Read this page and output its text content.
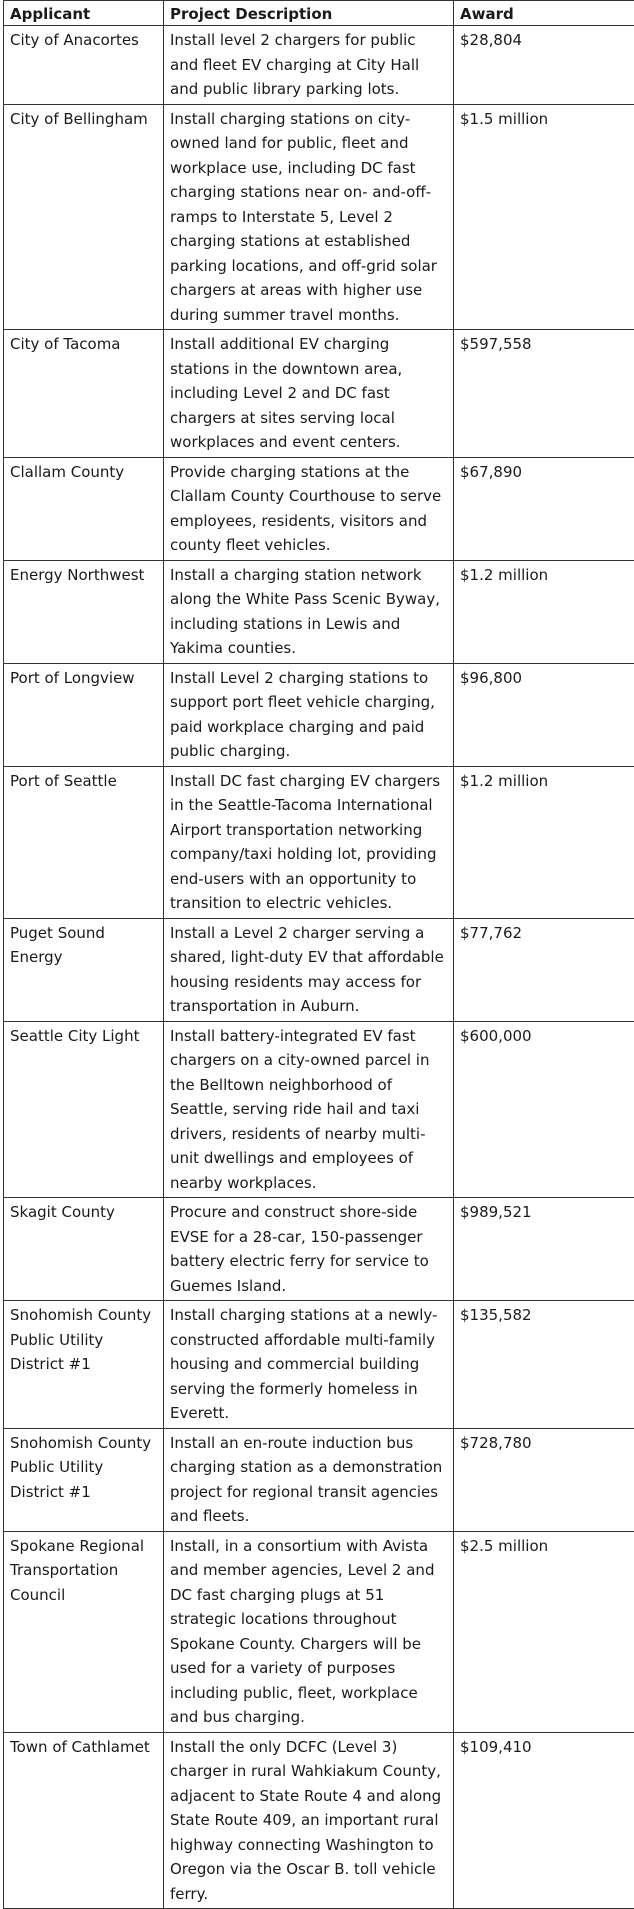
Applicant	Project Description	Award
City of Anacortes	Install level 2 chargers for public and fleet EV charging at City Hall and public library parking lots.	$28,804
City of Bellingham	Install charging stations on city-owned land for public, fleet and workplace use, including DC fast charging stations near on- and-off-ramps to Interstate 5, Level 2 charging stations at established parking locations, and off-grid solar chargers at areas with higher use during summer travel months.	$1.5 million
City of Tacoma	Install additional EV charging stations in the downtown area, including Level 2 and DC fast chargers at sites serving local workplaces and event centers.	$597,558
Clallam County	Provide charging stations at the Clallam County Courthouse to serve employees, residents, visitors and county fleet vehicles.	$67,890
Energy Northwest	Install a charging station network along the White Pass Scenic Byway, including stations in Lewis and Yakima counties.	$1.2 million
Port of Longview	Install Level 2 charging stations to support port fleet vehicle charging, paid workplace charging and paid public charging.	$96,800
Port of Seattle	Install DC fast charging EV chargers in the Seattle-Tacoma International Airport transportation networking company/taxi holding lot, providing end-users with an opportunity to transition to electric vehicles.	$1.2 million
Puget Sound Energy	Install a Level 2 charger serving a shared, light-duty EV that affordable housing residents may access for transportation in Auburn.	$77,762
Seattle City Light	Install battery-integrated EV fast chargers on a city-owned parcel in the Belltown neighborhood of Seattle, serving ride hail and taxi drivers, residents of nearby multi-unit dwellings and employees of nearby workplaces.	$600,000
Skagit County	Procure and construct shore-side EVSE for a 28-car, 150-passenger battery electric ferry for service to Guemes Island.	$989,521
Snohomish County Public Utility District #1	Install charging stations at a newly-constructed affordable multi-family housing and commercial building serving the formerly homeless in Everett.	$135,582
Snohomish County Public Utility District #1	Install an en-route induction bus charging station as a demonstration project for regional transit agencies and fleets.	$728,780
Spokane Regional Transportation Council	Install, in a consortium with Avista and member agencies, Level 2 and DC fast charging plugs at 51 strategic locations throughout Spokane County. Chargers will be used for a variety of purposes including public, fleet, workplace and bus charging.	$2.5 million
Town of Cathlamet	Install the only DCFC (Level 3) charger in rural Wahkiakum County, adjacent to State Route 4 and along State Route 409, an important rural highway connecting Washington to Oregon via the Oscar B. toll vehicle ferry.	$109,410
